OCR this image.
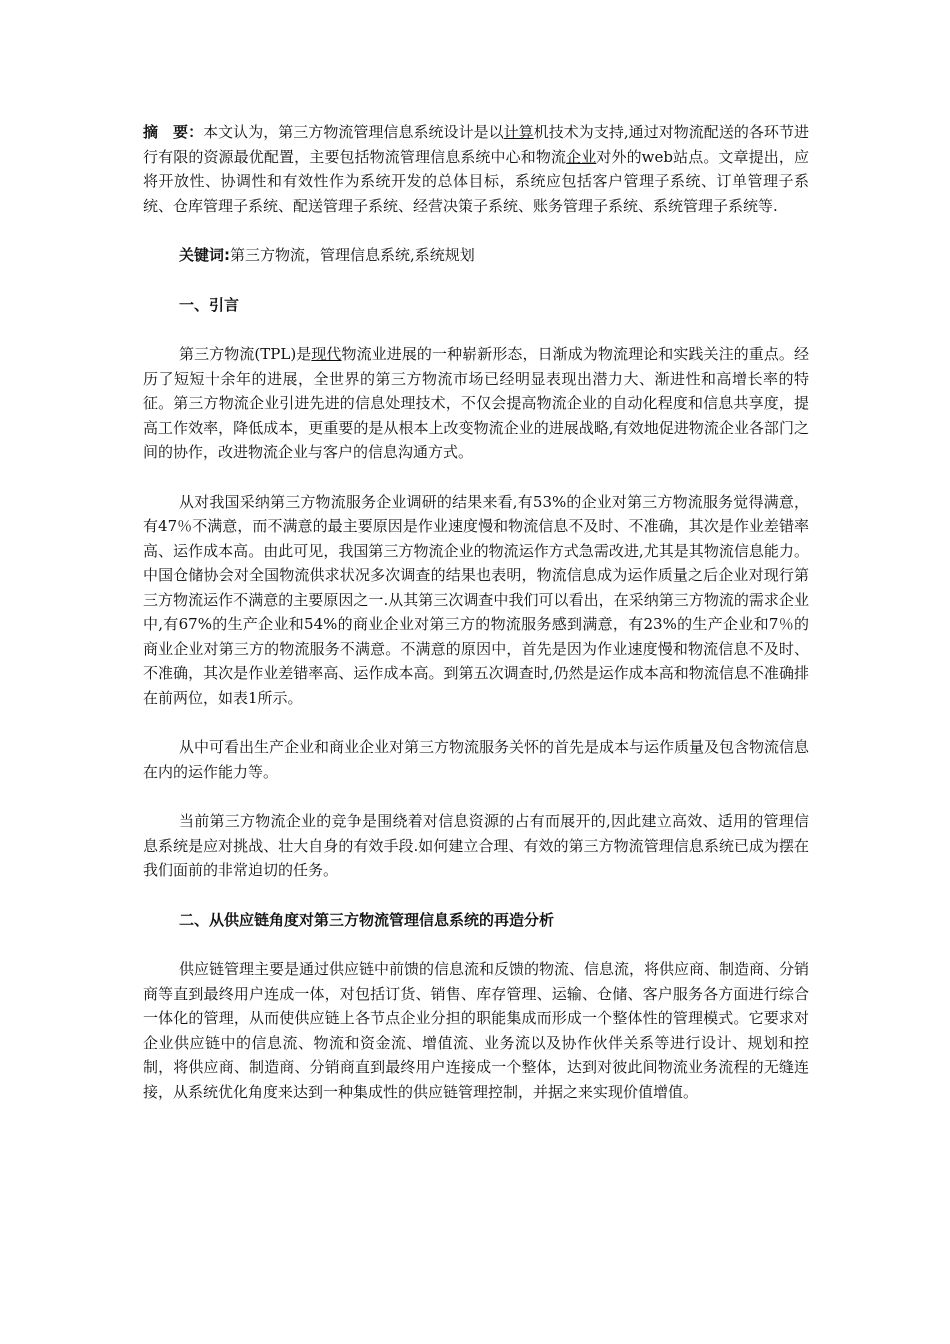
摘　要：本文认为，第三方物流管理信息系统设计是以计算机技术为支持,通过对物流配送的各环节进行有限的资源最优配置，主要包括物流管理信息系统中心和物流企业对外的web站点。文章提出，应将开放性、协调性和有效性作为系统开发的总体目标，系统应包括客户管理子系统、订单管理子系统、仓库管理子系统、配送管理子系统、经营决策子系统、账务管理子系统、系统管理子系统等.

关键词:第三方物流，管理信息系统,系统规划

一、引言

第三方物流(TPL)是现代物流业进展的一种崭新形态，日渐成为物流理论和实践关注的重点。经历了短短十余年的进展，全世界的第三方物流市场已经明显表现出潜力大、渐进性和高增长率的特征。第三方物流企业引进先进的信息处理技术，不仅会提高物流企业的自动化程度和信息共享度，提高工作效率，降低成本，更重要的是从根本上改变物流企业的进展战略,有效地促进物流企业各部门之间的协作，改进物流企业与客户的信息沟通方式。

从对我国采纳第三方物流服务企业调研的结果来看,有53%的企业对第三方物流服务觉得满意，有47％不满意，而不满意的最主要原因是作业速度慢和物流信息不及时、不准确，其次是作业差错率高、运作成本高。由此可见，我国第三方物流企业的物流运作方式急需改进,尤其是其物流信息能力。中国仓储协会对全国物流供求状况多次调查的结果也表明，物流信息成为运作质量之后企业对现行第三方物流运作不满意的主要原因之一.从其第三次调查中我们可以看出，在采纳第三方物流的需求企业中,有67%的生产企业和54%的商业企业对第三方的物流服务感到满意，有23%的生产企业和7％的商业企业对第三方的物流服务不满意。不满意的原因中，首先是因为作业速度慢和物流信息不及时、不准确，其次是作业差错率高、运作成本高。到第五次调查时,仍然是运作成本高和物流信息不准确排在前两位，如表1所示。

从中可看出生产企业和商业企业对第三方物流服务关怀的首先是成本与运作质量及包含物流信息在内的运作能力等。

当前第三方物流企业的竞争是围绕着对信息资源的占有而展开的,因此建立高效、适用的管理信息系统是应对挑战、壮大自身的有效手段.如何建立合理、有效的第三方物流管理信息系统已成为摆在我们面前的非常迫切的任务。

二、从供应链角度对第三方物流管理信息系统的再造分析

供应链管理主要是通过供应链中前馈的信息流和反馈的物流、信息流，将供应商、制造商、分销商等直到最终用户连成一体，对包括订货、销售、库存管理、运输、仓储、客户服务各方面进行综合一体化的管理，从而使供应链上各节点企业分担的职能集成而形成一个整体性的管理模式。它要求对企业供应链中的信息流、物流和资金流、增值流、业务流以及协作伙伴关系等进行设计、规划和控制，将供应商、制造商、分销商直到最终用户连接成一个整体，达到对彼此间物流业务流程的无缝连接，从系统优化角度来达到一种集成性的供应链管理控制，并据之来实现价值增值。
